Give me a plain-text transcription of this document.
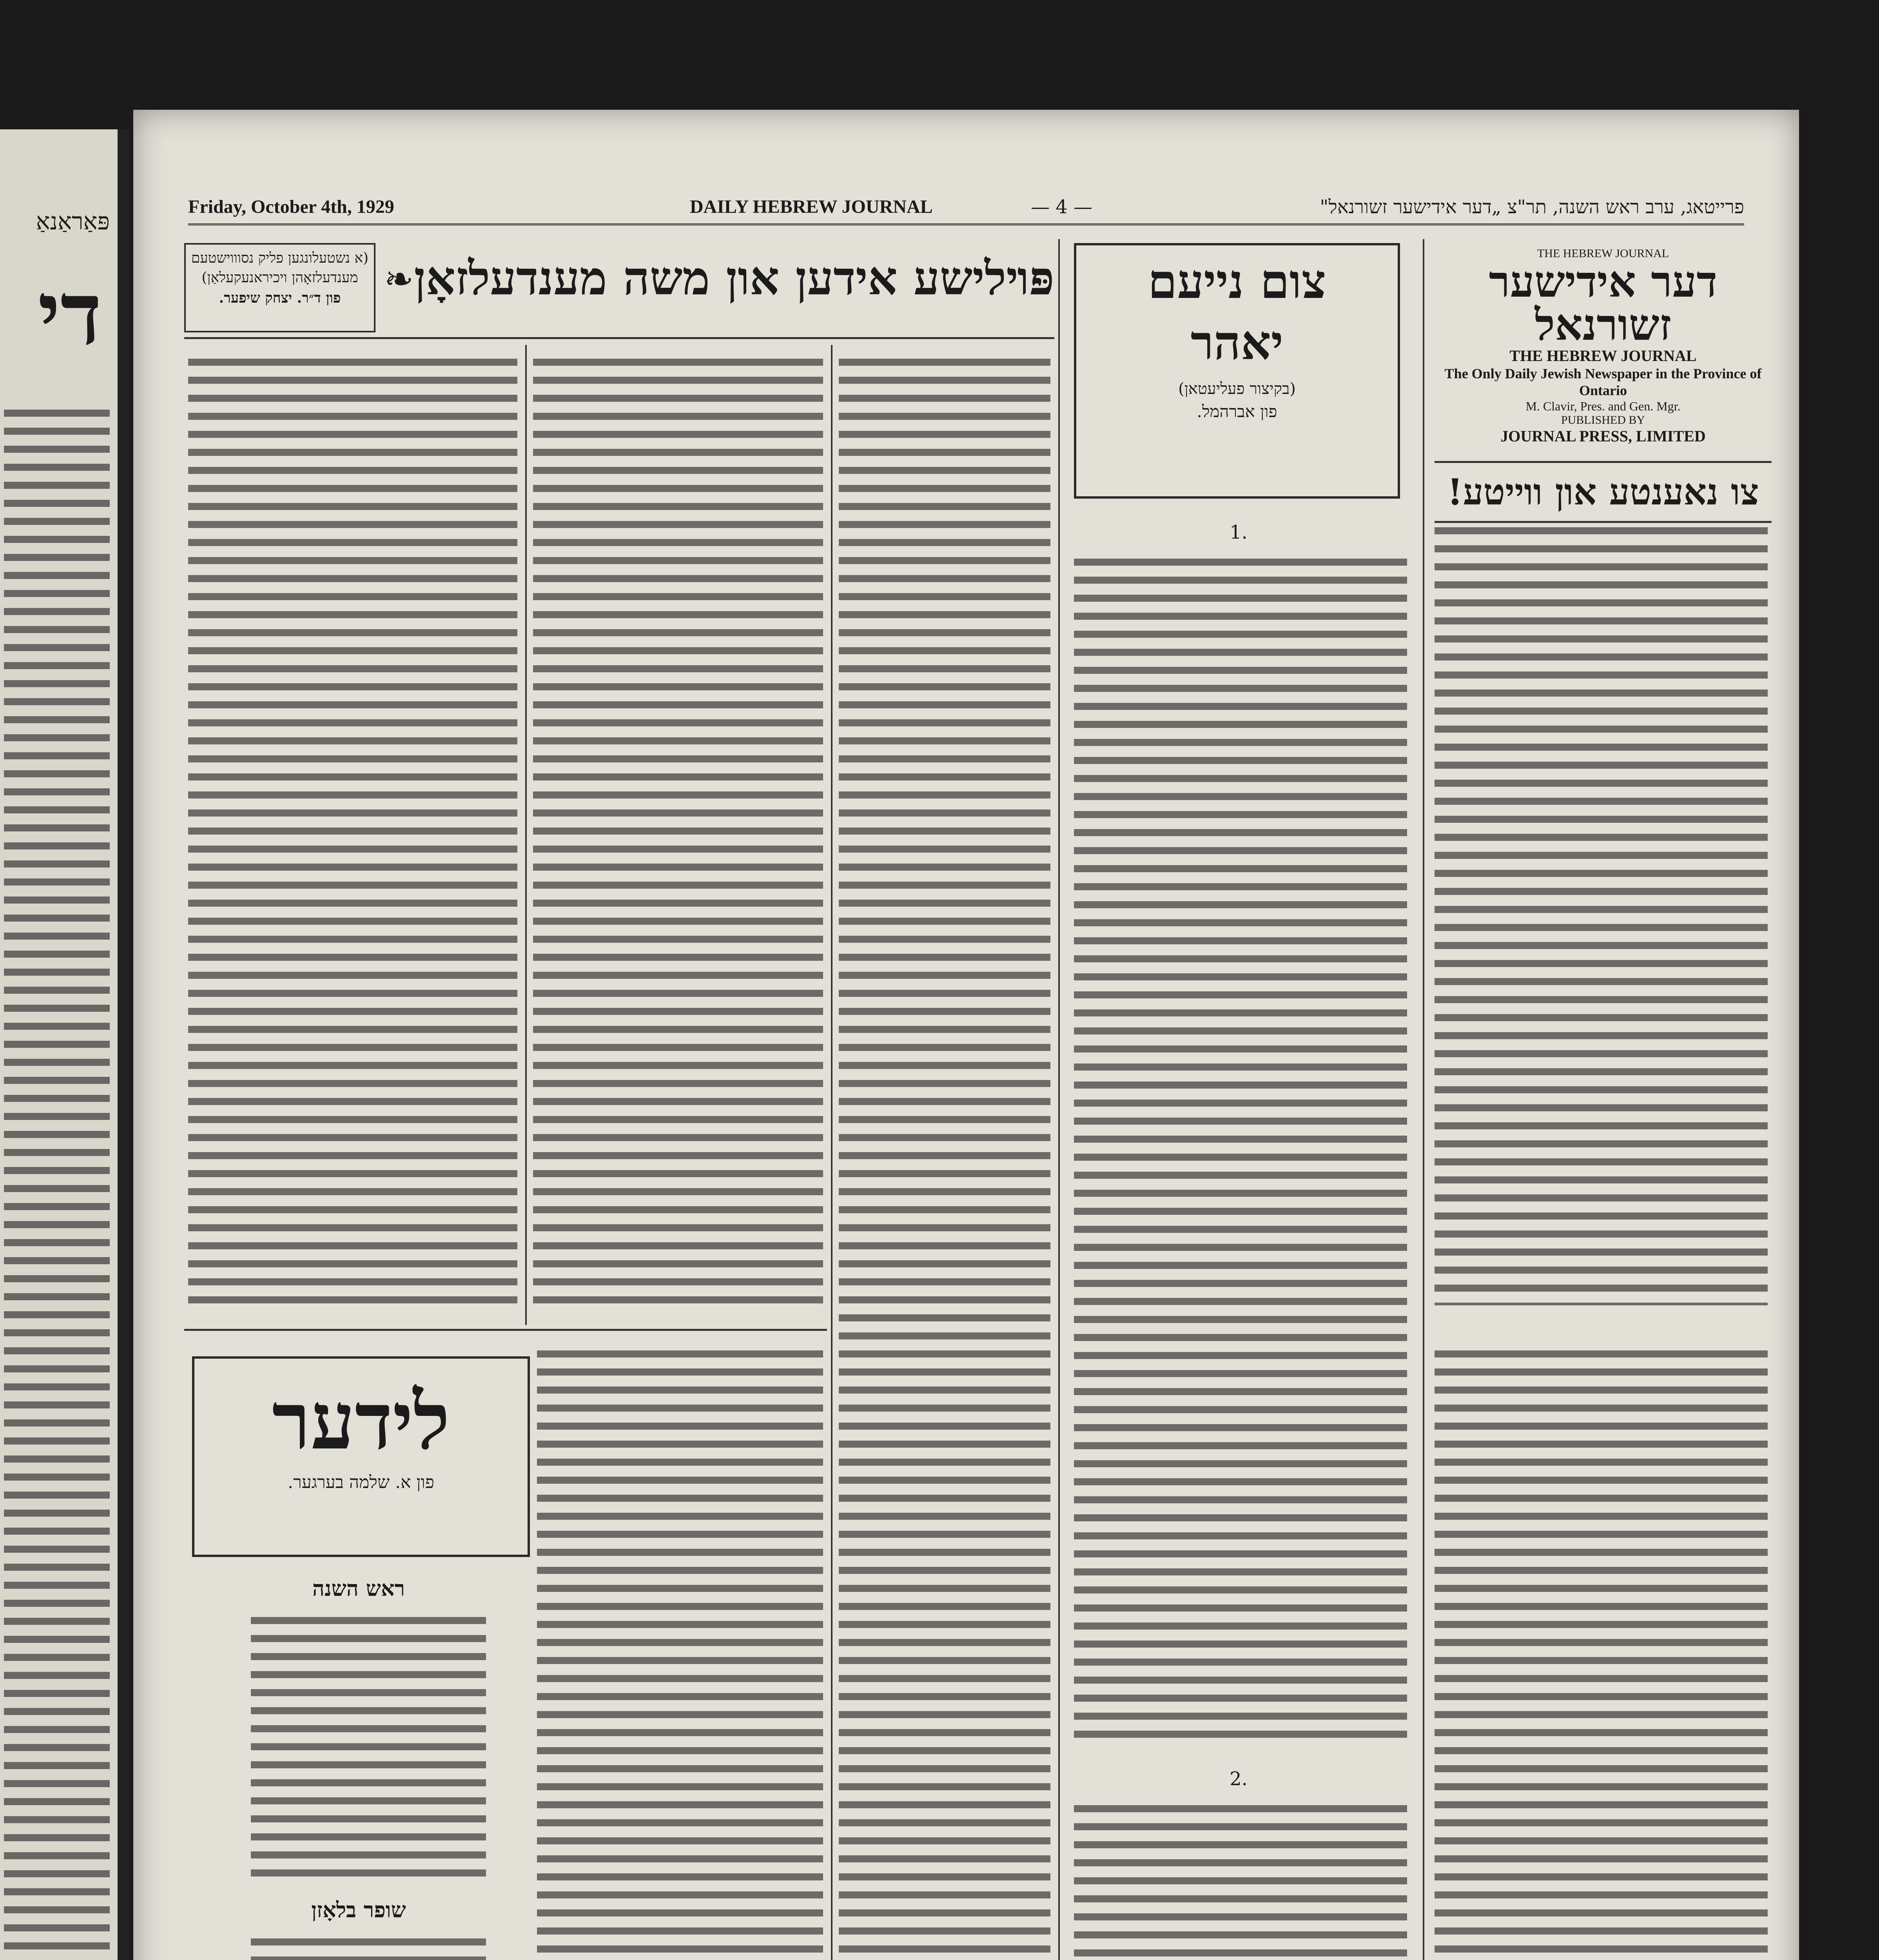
פּאַראַנאַ
די
Friday, October 4th, 1929	DAILY HEBREW JOURNAL	— 4 —	פרייטאג, ערב ראש השנה, תר"צ „דער אידישער זשורנאל"
THE HEBREW JOURNAL
דער אידישער זשורנאל
THE HEBREW JOURNAL
The Only Daily Jewish Newspaper in the Province of Ontario
M. Clavir, Pres. and Gen. Mgr.
PUBLISHED BY
JOURNAL PRESS, LIMITED
צו נאענטע און ווייטע!
צום נייעם
יאהר
(בקיצור פעליעטאן)
פון אברהמל.
1.
2.
פּױלישע אידען און משה מענדעלזאָן
❧
(א נשטעלונגען פליק נסוווישטעם
מענדעלזאָהן ויכיראנעקעלאַן)
פון ד״ר. יצחק שיפער.
לידער
פון א. שלמה בערגער.
ראש השנה
שופר בלאָזן
